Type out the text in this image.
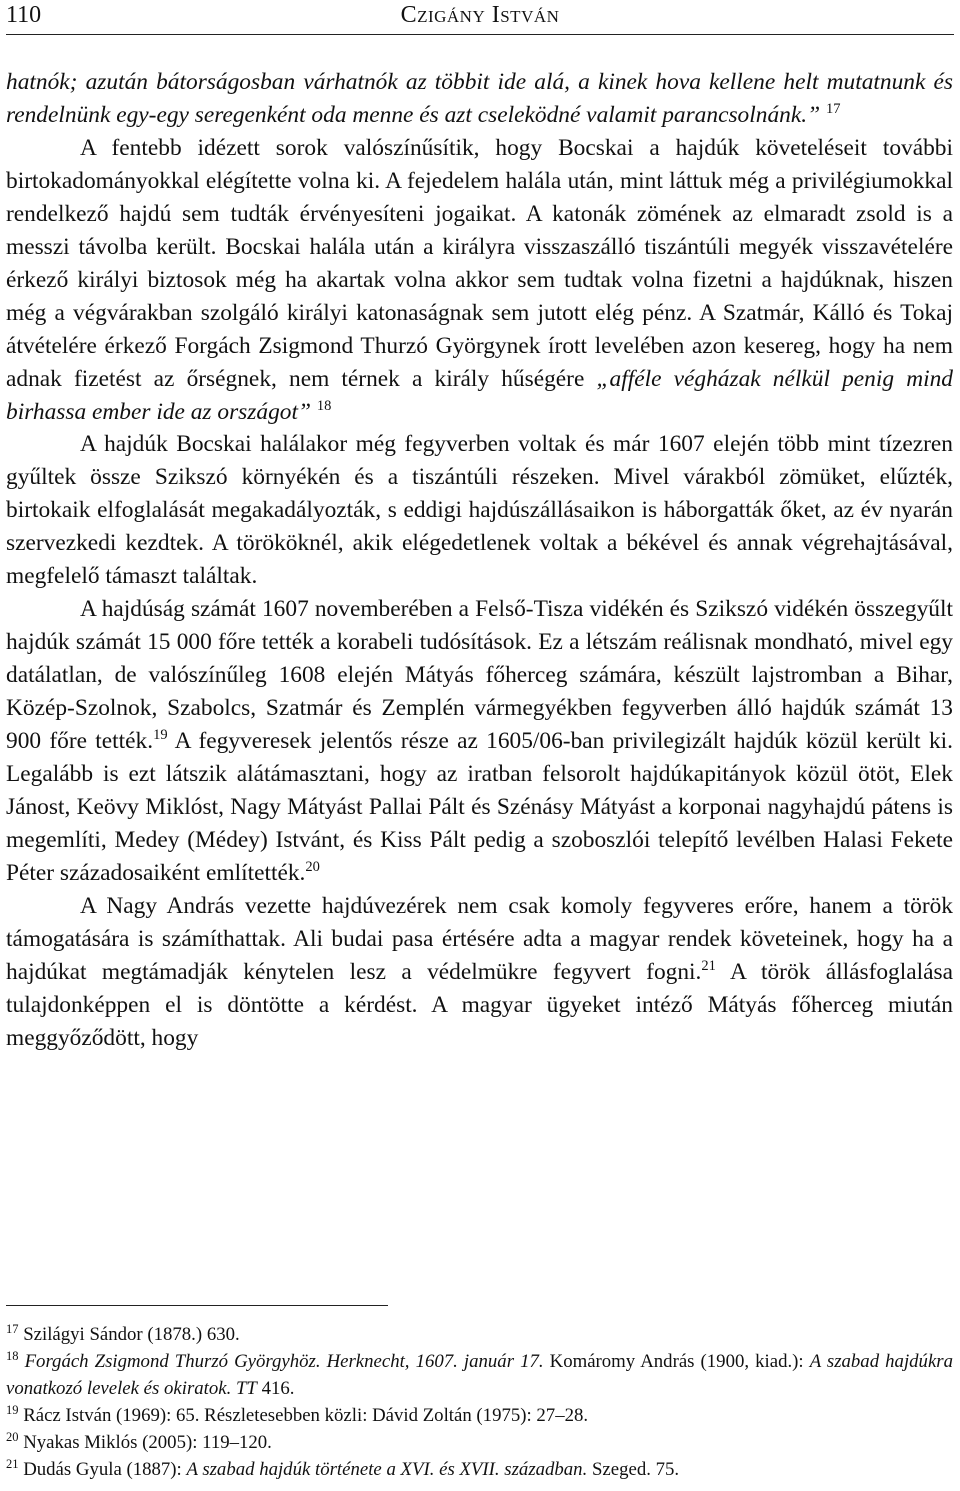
110	Czigány István

hatnók; azután bátorságosban várhatnók az többit ide alá, a kinek hova kellene helt mutatnunk és rendelnünk egy-egy seregenként oda menne és azt cseleködné valamit parancsolnánk.” $^{17}$

A fentebb idézett sorok valószínűsítik, hogy Bocskai a hajdúk követeléseit további birtokadományokkal elégítette volna ki. A fejedelem halála után, mint láttuk még a privilégiumokkal rendelkező hajdú sem tudták érvényesíteni jogaikat. A katonák zömének az elmaradt zsold is a messzi távolba került. Bocskai halála után a királyra visszaszálló tiszántúli megyék visszavételére érkező királyi biztosok még ha akartak volna akkor sem tudtak volna fizetni a hajdúknak, hiszen még a végvárakban szolgáló királyi katonaságnak sem jutott elég pénz. A Szatmár, Kálló és Tokaj átvételére érkező Forgách Zsigmond Thurzó Györgynek írott levelében azon kesereg, hogy ha nem adnak fizetést az őrségnek, nem térnek a király hűségére „afféle végházak nélkül penig mind birhassa ember ide az országot” $^{18}$

A hajdúk Bocskai halálakor még fegyverben voltak és már 1607 elején több mint tízezren gyűltek össze Szikszó környékén és a tiszántúli részeken. Mivel várakból zömüket, elűzték, birtokaik elfoglalását megakadályozták, s eddigi hajdúszállásaikon is háborgatták őket, az év nyarán szervezkedi kezdtek. A törököknél, akik elégedetlenek voltak a békével és annak végrehajtásával, megfelelő támaszt találtak.

A hajdúság számát 1607 novemberében a Felső-Tisza vidékén és Szikszó vidékén összegyűlt hajdúk számát 15 000 főre tették a korabeli tudósítások. Ez a létszám reálisnak mondható, mivel egy datálatlan, de valószínűleg 1608 elején Mátyás főherceg számára, készült lajstromban a Bihar, Közép-Szolnok, Szabolcs, Szatmár és Zemplén vármegyékben fegyverben álló hajdúk számát 13 900 főre tették.$^{19}$ A fegyveresek jelentős része az 1605/06-ban privilegizált hajdúk közül került ki. Legalább is ezt látszik alátámasztani, hogy az iratban felsorolt hajdúkapitányok közül ötöt, Elek Jánost, Keövy Miklóst, Nagy Mátyást Pallai Pált és Szénásy Mátyást a korponai nagyhajdú pátens is megemlíti, Medey (Médey) Istvánt, és Kiss Pált pedig a szoboszlói telepítő levélben Halasi Fekete Péter századosaiként említették.$^{20}$

A Nagy András vezette hajdúvezérek nem csak komoly fegyveres erőre, hanem a török támogatására is számíthattak. Ali budai pasa értésére adta a magyar rendek követeinek, hogy ha a hajdúkat megtámadják kénytelen lesz a védelmükre fegyvert fogni.$^{21}$ A török állásfoglalása tulajdonképpen el is döntötte a kérdést. A magyar ügyeket intéző Mátyás főherceg miután meggyőződött, hogy

$^{17}$ Szilágyi Sándor (1878.) 630.

$^{18}$ Forgách Zsigmond Thurzó Györgyhöz. Herknecht, 1607. január 17. Komáromy András (1900, kiad.): A szabad hajdúkra vonatkozó levelek és okiratok. TT 416.

$^{19}$ Rácz István (1969): 65. Részletesebben közli: Dávid Zoltán (1975): 27–28.

$^{20}$ Nyakas Miklós (2005): 119–120.

$^{21}$ Dudás Gyula (1887): A szabad hajdúk története a XVI. és XVII. században. Szeged. 75.
